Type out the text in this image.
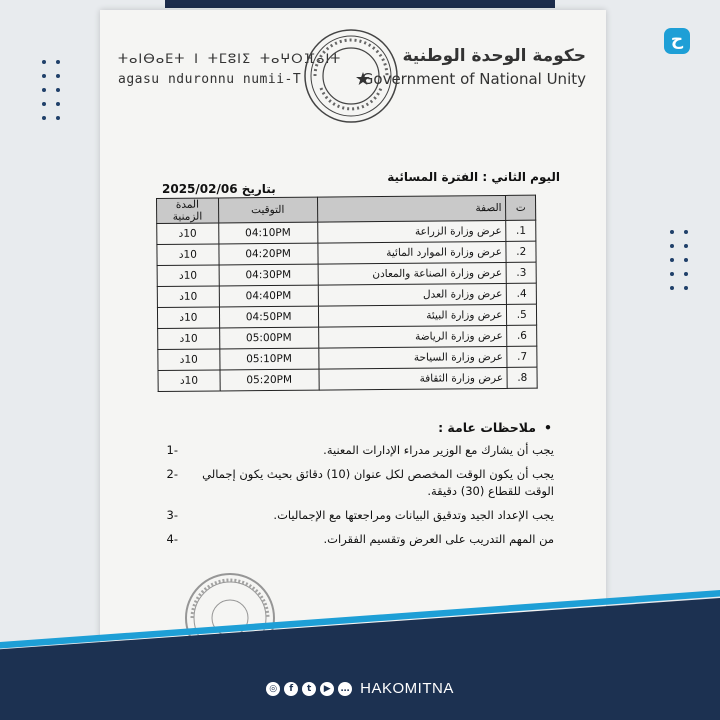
ح
ⵜⴰⵏⴱⴰⴹⵜ ⵏ ⵜⵎⵓⵏⵉ ⵜⴰⵖⵔⴼⴰⵏⵜ
agasu nduronnu numii-T
حكومة الوحدة الوطنية
Government of National Unity
اليوم الثاني : الفترة المسائية
بتاريخ 2025/02/06
ت	الصفة	التوقيت	المدة الزمنية
1.	عرض وزارة الزراعة	04:10PM	10د
2.	عرض وزارة الموارد المائية	04:20PM	10د
3.	عرض وزارة الصناعة والمعادن	04:30PM	10د
4.	عرض وزارة العدل	04:40PM	10د
5.	عرض وزارة البيئة	04:50PM	10د
6.	عرض وزارة الرياضة	05:00PM	10د
7.	عرض وزارة السياحة	05:10PM	10د
8.	عرض وزارة الثقافة	05:20PM	10د
• ملاحظات عامة :
يجب أن يشارك مع الوزير مدراء الإدارات المعنية.
1-
يجب أن يكون الوقت المخصص لكل عنوان (10) دقائق بحيث يكون إجمالي الوقت للقطاع (30) دقيقة.
2-
يجب الإعداد الجيد وتدقيق البيانات ومراجعتها مع الإجماليات.
3-
من المهم التدريب على العرض وتقسيم الفقرات.
4-
◎	f	t	▶	… HAKOMITNA
